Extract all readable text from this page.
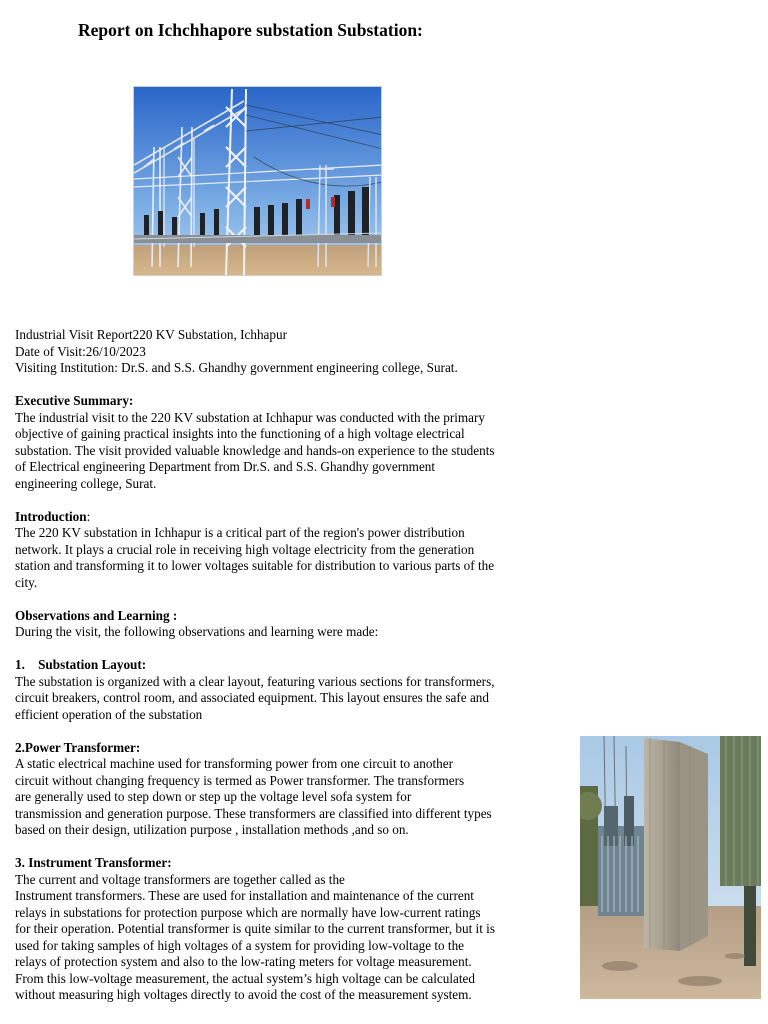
Report on Ichchhapore substation Substation:

Industrial Visit Report220 KV Substation, Ichhapur

Date of Visit:26/10/2023

Visiting Institution: Dr.S. and S.S. Ghandhy government engineering college, Surat.

Executive Summary:

The industrial visit to the 220 KV substation at Ichhapur was conducted with the primary

objective of gaining practical insights into the functioning of a high voltage electrical

substation. The visit provided valuable knowledge and hands-on experience to the students

of Electrical engineering Department from Dr.S. and S.S. Ghandhy government

engineering college, Surat.

Introduction:

The 220 KV substation in Ichhapur is a critical part of the region's power distribution

network. It plays a crucial role in receiving high voltage electricity from the generation

station and transforming it to lower voltages suitable for distribution to various parts of the

city.

Observations and Learning :

During the visit, the following observations and learning were made:

1.    Substation Layout:

The substation is organized with a clear layout, featuring various sections for transformers,

circuit breakers, control room, and associated equipment. This layout ensures the safe and

efficient operation of the substation

2.Power Transformer:

A static electrical machine used for transforming power from one circuit to another

circuit without changing frequency is termed as Power transformer. The transformers

are generally used to step down or step up the voltage level sofa system for

transmission and generation purpose. These transformers are classified into different types

based on their design, utilization purpose , installation methods ,and so on.

3. Instrument Transformer:

The current and voltage transformers are together called as the

Instrument transformers. These are used for installation and maintenance of the current

relays in substations for protection purpose which are normally have low-current ratings

for their operation. Potential transformer is quite similar to the current transformer, but it is

used for taking samples of high voltages of a system for providing low-voltage to the

relays of protection system and also to the low-rating meters for voltage measurement.

From this low-voltage measurement, the actual system’s high voltage can be calculated

without measuring high voltages directly to avoid the cost of the measurement system.
